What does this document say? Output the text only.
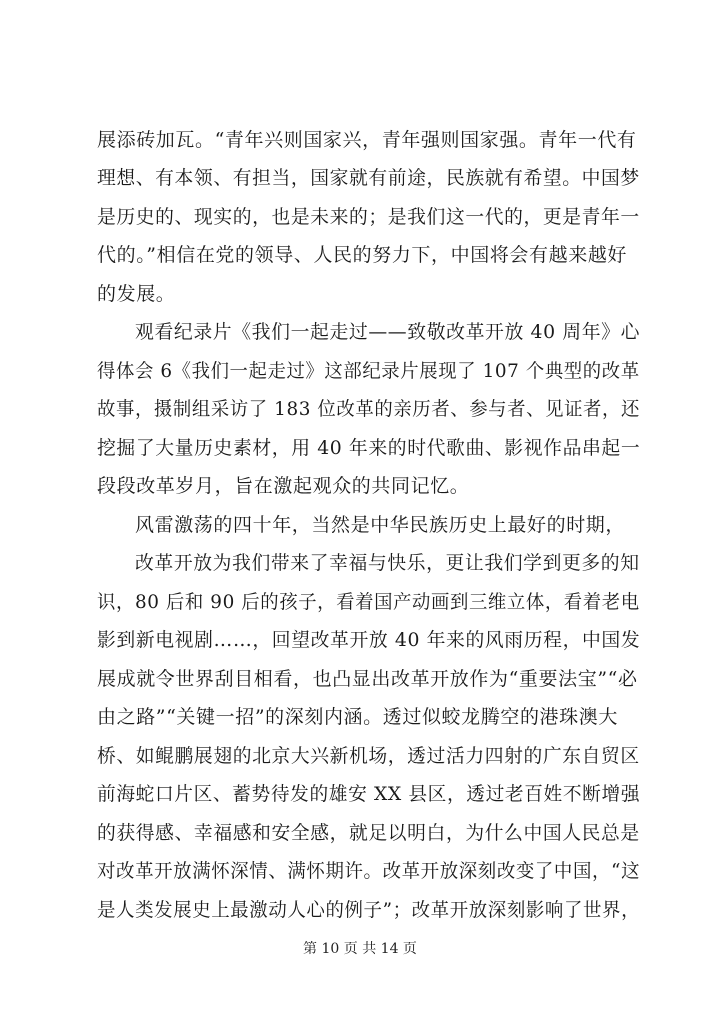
展添砖加瓦。“青年兴则国家兴，青年强则国家强。青年一代有
理想、有本领、有担当，国家就有前途，民族就有希望。中国梦
是历史的、现实的，也是未来的；是我们这一代的，更是青年一
代的。”相信在党的领导、人民的努力下，中国将会有越来越好
的发展。
观看纪录片《我们一起走过——致敬改革开放 40 周年》心
得体会 6《我们一起走过》这部纪录片展现了 107 个典型的改革
故事，摄制组采访了 183 位改革的亲历者、参与者、见证者，还
挖掘了大量历史素材，用 40 年来的时代歌曲、影视作品串起一
段段改革岁月，旨在激起观众的共同记忆。
风雷激荡的四十年，当然是中华民族历史上最好的时期，
改革开放为我们带来了幸福与快乐，更让我们学到更多的知
识，80 后和 90 后的孩子，看着国产动画到三维立体，看着老电
影到新电视剧……，回望改革开放 40 年来的风雨历程，中国发
展成就令世界刮目相看，也凸显出改革开放作为“重要法宝”“必
由之路”“关键一招”的深刻内涵。透过似蛟龙腾空的港珠澳大
桥、如鲲鹏展翅的北京大兴新机场，透过活力四射的广东自贸区
前海蛇口片区、蓄势待发的雄安 XX 县区，透过老百姓不断增强
的获得感、幸福感和安全感，就足以明白，为什么中国人民总是
对改革开放满怀深情、满怀期许。改革开放深刻改变了中国，“这
是人类发展史上最激动人心的例子”；改革开放深刻影响了世界，
第 10 页 共 14 页
